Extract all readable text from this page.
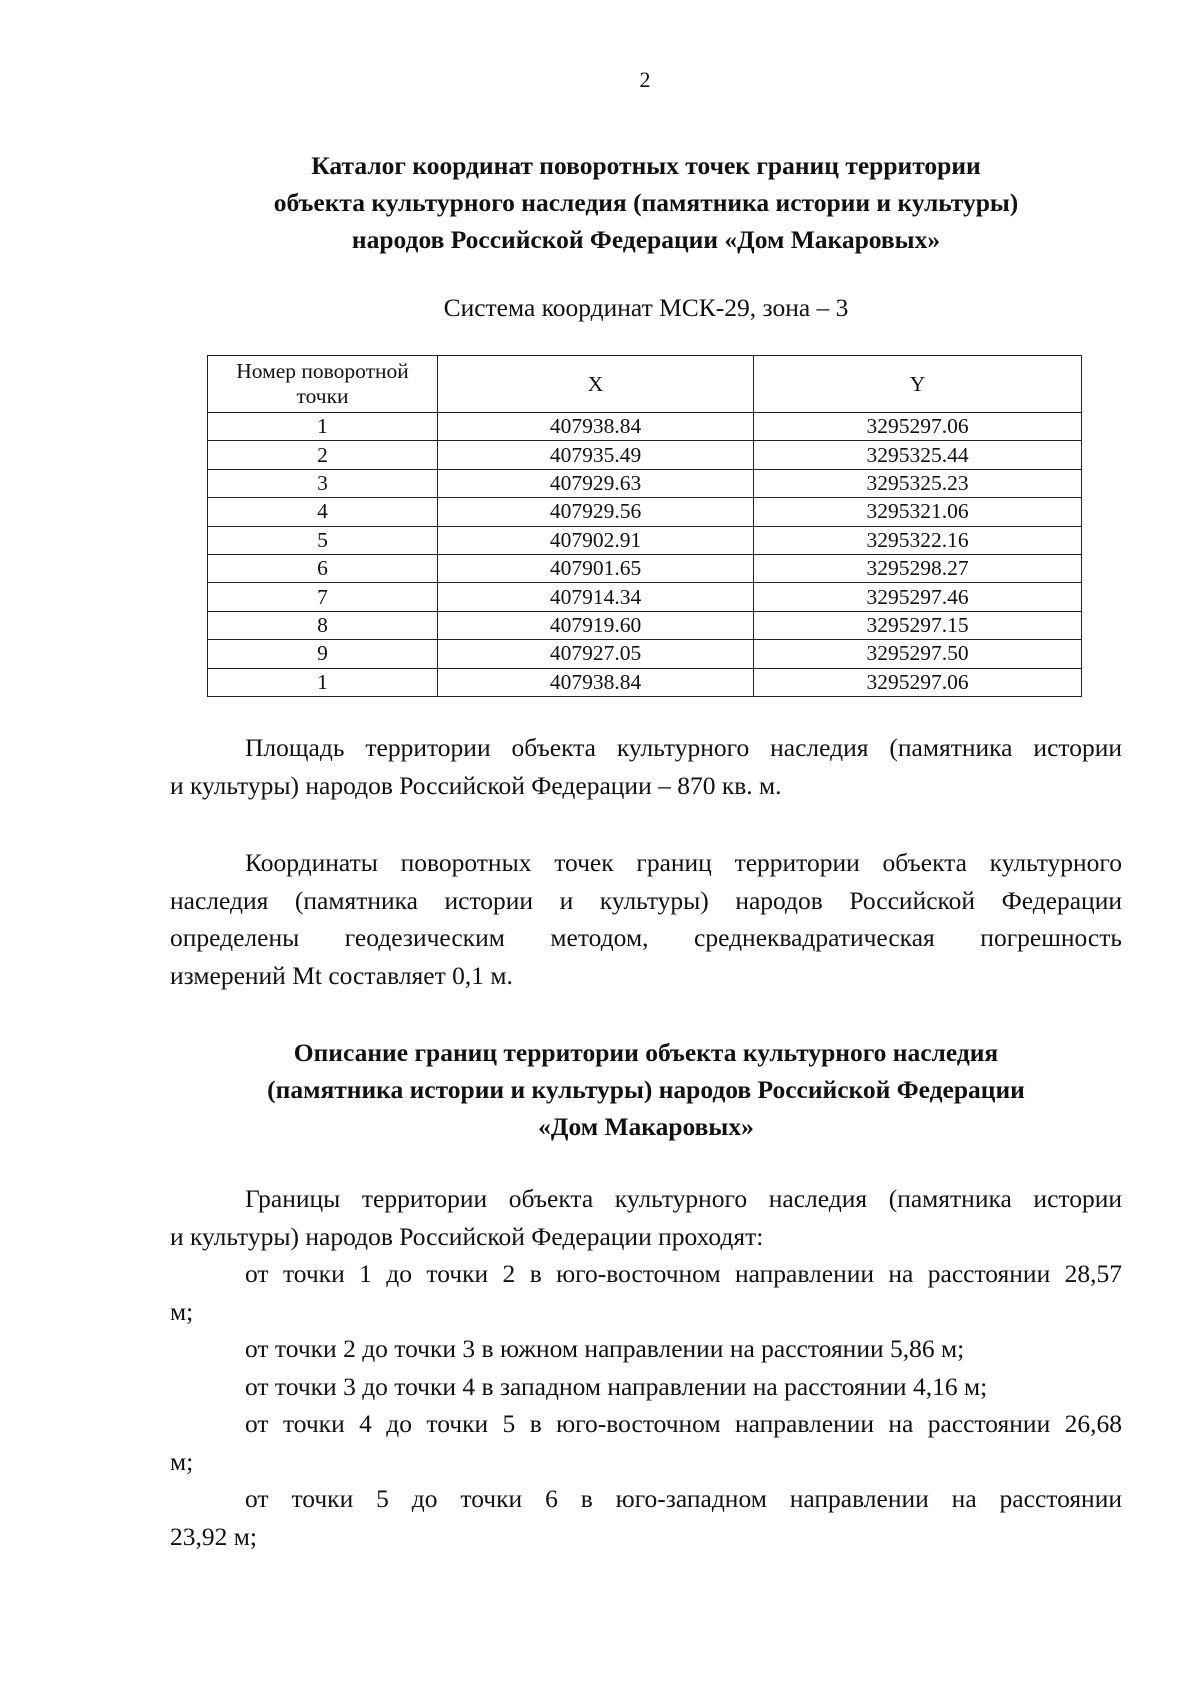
2
Каталог координат поворотных точек границ территории
объекта культурного наследия (памятника истории и культуры)
народов Российской Федерации «Дом Макаровых»
Система координат МСК-29, зона – 3
Номер поворотной точки	X	Y
1	407938.84	3295297.06
2	407935.49	3295325.44
3	407929.63	3295325.23
4	407929.56	3295321.06
5	407902.91	3295322.16
6	407901.65	3295298.27
7	407914.34	3295297.46
8	407919.60	3295297.15
9	407927.05	3295297.50
1	407938.84	3295297.06
Площадь территории объекта культурного наследия (памятника истории
и культуры) народов Российской Федерации – 870 кв. м.
Координаты поворотных точек границ территории объекта культурного
наследия (памятника истории и культуры) народов Российской Федерации
определены геодезическим методом, среднеквадратическая погрешность
измерений Mt составляет 0,1 м.
Описание границ территории объекта культурного наследия
(памятника истории и культуры) народов Российской Федерации
«Дом Макаровых»
Границы территории объекта культурного наследия (памятника истории
и культуры) народов Российской Федерации проходят:
от точки 1 до точки 2 в юго-восточном направлении на расстоянии 28,57
м;
от точки 2 до точки 3 в южном направлении на расстоянии 5,86 м;
от точки 3 до точки 4 в западном направлении на расстоянии 4,16 м;
от точки 4 до точки 5 в юго-восточном направлении на расстоянии 26,68
м;
от точки 5 до точки 6 в юго-западном направлении на расстоянии
23,92 м;
